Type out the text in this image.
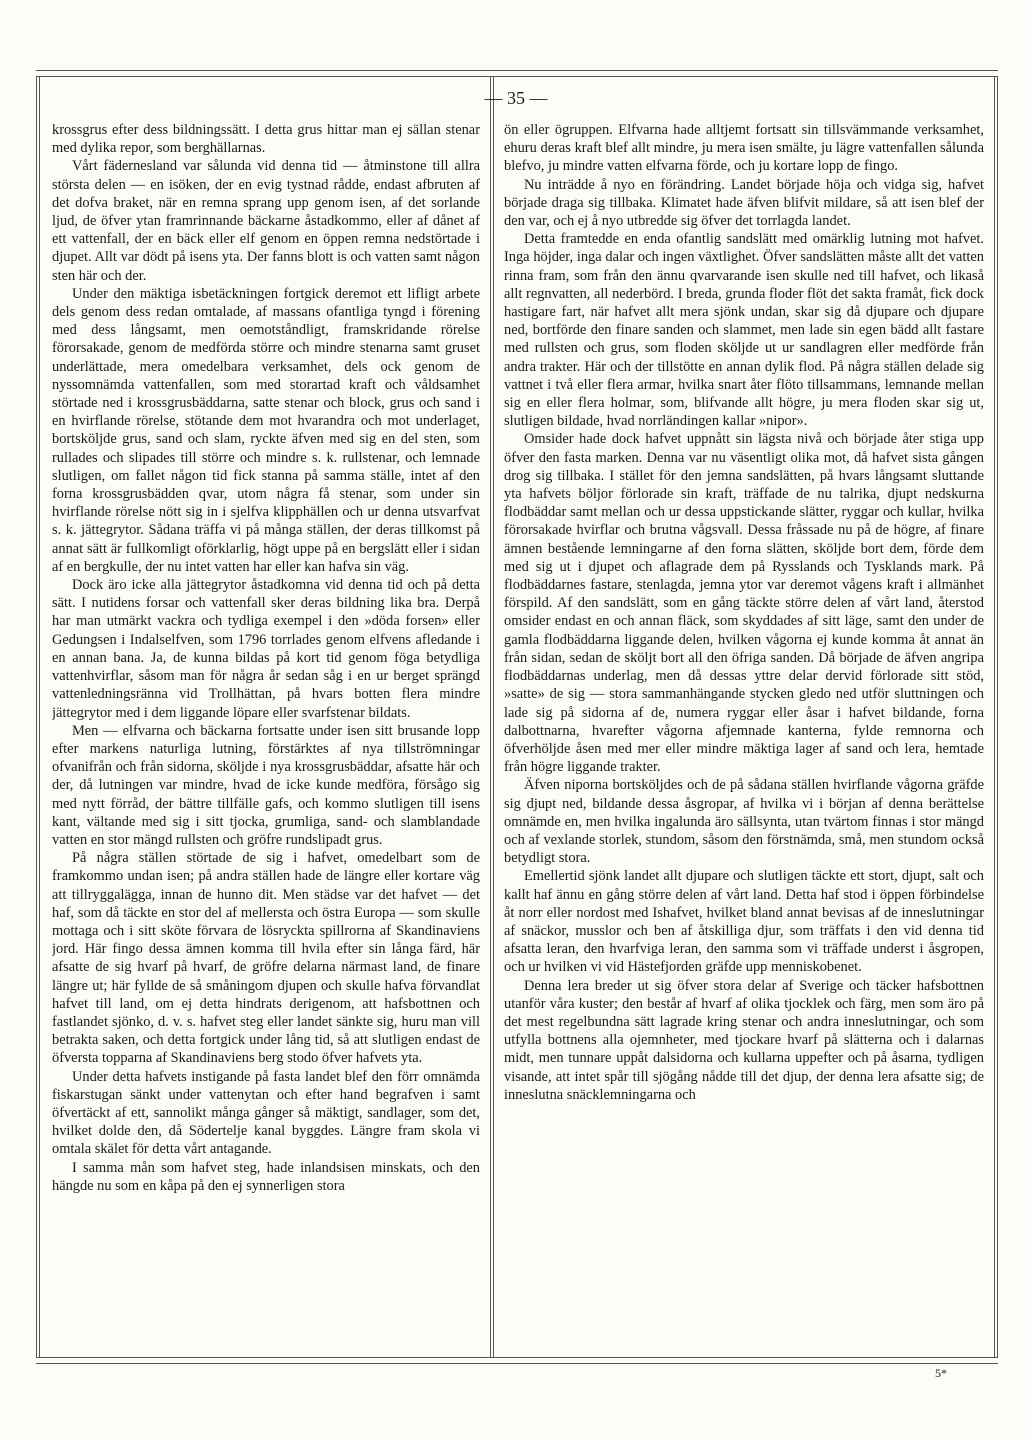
— 35 —

krossgrus efter dess bildningssätt. I detta grus hittar man ej sällan stenar med dylika repor, som berghällarnas.

Vårt fädernesland var sålunda vid denna tid — åtminstone till allra största delen — en isöken, der en evig tystnad rådde, endast afbruten af det dofva braket, när en remna sprang upp genom isen, af det sorlande ljud, de öfver ytan framrinnande bäckarne åstadkommo, eller af dånet af ett vattenfall, der en bäck eller elf genom en öppen remna nedstörtade i djupet. Allt var dödt på isens yta. Der fanns blott is och vatten samt någon sten här och der.

Under den mäktiga isbetäckningen fortgick deremot ett lifligt arbete dels genom dess redan omtalade, af massans ofantliga tyngd i förening med dess långsamt, men oemotståndligt, framskridande rörelse förorsakade, genom de medförda större och mindre stenarna samt gruset underlättade, mera omedelbara verksamhet, dels ock genom de nyssomnämda vattenfallen, som med storartad kraft och våldsamhet störtade ned i krossgrusbäddarna, satte stenar och block, grus och sand i en hvirflande rörelse, stötande dem mot hvarandra och mot underlaget, bortsköljde grus, sand och slam, ryckte äfven med sig en del sten, som rullades och slipades till större och mindre s. k. rullstenar, och lemnade slutligen, om fallet någon tid fick stanna på samma ställe, intet af den forna krossgrusbädden qvar, utom några få stenar, som under sin hvirflande rörelse nött sig in i sjelfva klipphällen och ur denna utsvarfvat s. k. jättegrytor. Sådana träffa vi på många ställen, der deras tillkomst på annat sätt är fullkomligt oförklarlig, högt uppe på en bergslätt eller i sidan af en bergkulle, der nu intet vatten har eller kan hafva sin väg.

Dock äro icke alla jättegrytor åstadkomna vid denna tid och på detta sätt. I nutidens forsar och vattenfall sker deras bildning lika bra. Derpå har man utmärkt vackra och tydliga exempel i den »döda forsen» eller Gedungsen i Indalselfven, som 1796 torrlades genom elfvens afledande i en annan bana. Ja, de kunna bildas på kort tid genom föga betydliga vattenhvirflar, såsom man för några år sedan såg i en ur berget sprängd vattenledningsränna vid Trollhättan, på hvars botten flera mindre jättegrytor med i dem liggande löpare eller svarfstenar bildats.

Men — elfvarna och bäckarna fortsatte under isen sitt brusande lopp efter markens naturliga lutning, förstärktes af nya tillströmningar ofvanifrån och från sidorna, sköljde i nya krossgrusbäddar, afsatte här och der, då lutningen var mindre, hvad de icke kunde medföra, försågo sig med nytt förråd, der bättre tillfälle gafs, och kommo slutligen till isens kant, vältande med sig i sitt tjocka, grumliga, sand- och slamblandade vatten en stor mängd rullsten och gröfre rundslipadt grus.

På några ställen störtade de sig i hafvet, omedelbart som de framkommo undan isen; på andra ställen hade de längre eller kortare väg att tillryggalägga, innan de hunno dit. Men städse var det hafvet — det haf, som då täckte en stor del af mellersta och östra Europa — som skulle mottaga och i sitt sköte förvara de lösryckta spillrorna af Skandinaviens jord. Här fingo dessa ämnen komma till hvila efter sin långa färd, här afsatte de sig hvarf på hvarf, de gröfre delarna närmast land, de finare längre ut; här fyllde de så småningom djupen och skulle hafva förvandlat hafvet till land, om ej detta hindrats derigenom, att hafsbottnen och fastlandet sjönko, d. v. s. hafvet steg eller landet sänkte sig, huru man vill betrakta saken, och detta fortgick under lång tid, så att slutligen endast de öfversta topparna af Skandinaviens berg stodo öfver hafvets yta.

Under detta hafvets instigande på fasta landet blef den förr omnämda fiskarstugan sänkt under vattenytan och efter hand begrafven i samt öfvertäckt af ett, sannolikt många gånger så mäktigt, sandlager, som det, hvilket dolde den, då Södertelje kanal byggdes. Längre fram skola vi omtala skälet för detta vårt antagande.

I samma mån som hafvet steg, hade inlandsisen minskats, och den hängde nu som en kåpa på den ej synnerligen stora

ön eller ögruppen. Elfvarna hade alltjemt fortsatt sin tillsvämmande verksamhet, ehuru deras kraft blef allt mindre, ju mera isen smälte, ju lägre vattenfallen sålunda blefvo, ju mindre vatten elfvarna förde, och ju kortare lopp de fingo.

Nu inträdde å nyo en förändring. Landet började höja och vidga sig, hafvet började draga sig tillbaka. Klimatet hade äfven blifvit mildare, så att isen blef der den var, och ej å nyo utbredde sig öfver det torrlagda landet.

Detta framtedde en enda ofantlig sandslätt med omärklig lutning mot hafvet. Inga höjder, inga dalar och ingen växtlighet. Öfver sandslätten måste allt det vatten rinna fram, som från den ännu qvarvarande isen skulle ned till hafvet, och likaså allt regnvatten, all nederbörd. I breda, grunda floder flöt det sakta framåt, fick dock hastigare fart, när hafvet allt mera sjönk undan, skar sig då djupare och djupare ned, bortförde den finare sanden och slammet, men lade sin egen bädd allt fastare med rullsten och grus, som floden sköljde ut ur sandlagren eller medförde från andra trakter. Här och der tillstötte en annan dylik flod. På några ställen delade sig vattnet i två eller flera armar, hvilka snart åter flöto tillsammans, lemnande mellan sig en eller flera holmar, som, blifvande allt högre, ju mera floden skar sig ut, slutligen bildade, hvad norrländingen kallar »nipor».

Omsider hade dock hafvet uppnått sin lägsta nivå och började åter stiga upp öfver den fasta marken. Denna var nu väsentligt olika mot, då hafvet sista gången drog sig tillbaka. I stället för den jemna sandslätten, på hvars långsamt sluttande yta hafvets böljor förlorade sin kraft, träffade de nu talrika, djupt nedskurna flodbäddar samt mellan och ur dessa uppstickande slätter, ryggar och kullar, hvilka förorsakade hvirflar och brutna vågsvall. Dessa fråssade nu på de högre, af finare ämnen bestående lemningarne af den forna slätten, sköljde bort dem, förde dem med sig ut i djupet och aflagrade dem på Rysslands och Tysklands mark. På flodbäddarnes fastare, stenlagda, jemna ytor var deremot vågens kraft i allmänhet förspild. Af den sandslätt, som en gång täckte större delen af vårt land, återstod omsider endast en och annan fläck, som skyddades af sitt läge, samt den under de gamla flodbäddarna liggande delen, hvilken vågorna ej kunde komma åt annat än från sidan, sedan de sköljt bort all den öfriga sanden. Då började de äfven angripa flodbäddarnas underlag, men då dessas yttre delar dervid förlorade sitt stöd, »satte» de sig — stora sammanhängande stycken gledo ned utför sluttningen och lade sig på sidorna af de, numera ryggar eller åsar i hafvet bildande, forna dalbottnarna, hvarefter vågorna afjemnade kanterna, fylde remnorna och öfverhöljde åsen med mer eller mindre mäktiga lager af sand och lera, hemtade från högre liggande trakter.

Äfven niporna bortsköljdes och de på sådana ställen hvirflande vågorna gräfde sig djupt ned, bildande dessa åsgropar, af hvilka vi i början af denna berättelse omnämde en, men hvilka ingalunda äro sällsynta, utan tvärtom finnas i stor mängd och af vexlande storlek, stundom, såsom den förstnämda, små, men stundom också betydligt stora.

Emellertid sjönk landet allt djupare och slutligen täckte ett stort, djupt, salt och kallt haf ännu en gång större delen af vårt land. Detta haf stod i öppen förbindelse åt norr eller nordost med Ishafvet, hvilket bland annat bevisas af de inneslutningar af snäckor, musslor och ben af åtskilliga djur, som träffats i den vid denna tid afsatta leran, den hvarfviga leran, den samma som vi träffade underst i åsgropen, och ur hvilken vi vid Hästefjorden gräfde upp menniskobenet.

Denna lera breder ut sig öfver stora delar af Sverige och täcker hafsbottnen utanför våra kuster; den består af hvarf af olika tjocklek och färg, men som äro på det mest regelbundna sätt lagrade kring stenar och andra inneslutningar, och som utfylla bottnens alla ojemnheter, med tjockare hvarf på slätterna och i dalarnas midt, men tunnare uppåt dalsidorna och kullarna uppefter och på åsarna, tydligen visande, att intet spår till sjögång nådde till det djup, der denna lera afsatte sig; de inneslutna snäcklemningarna och

5*
